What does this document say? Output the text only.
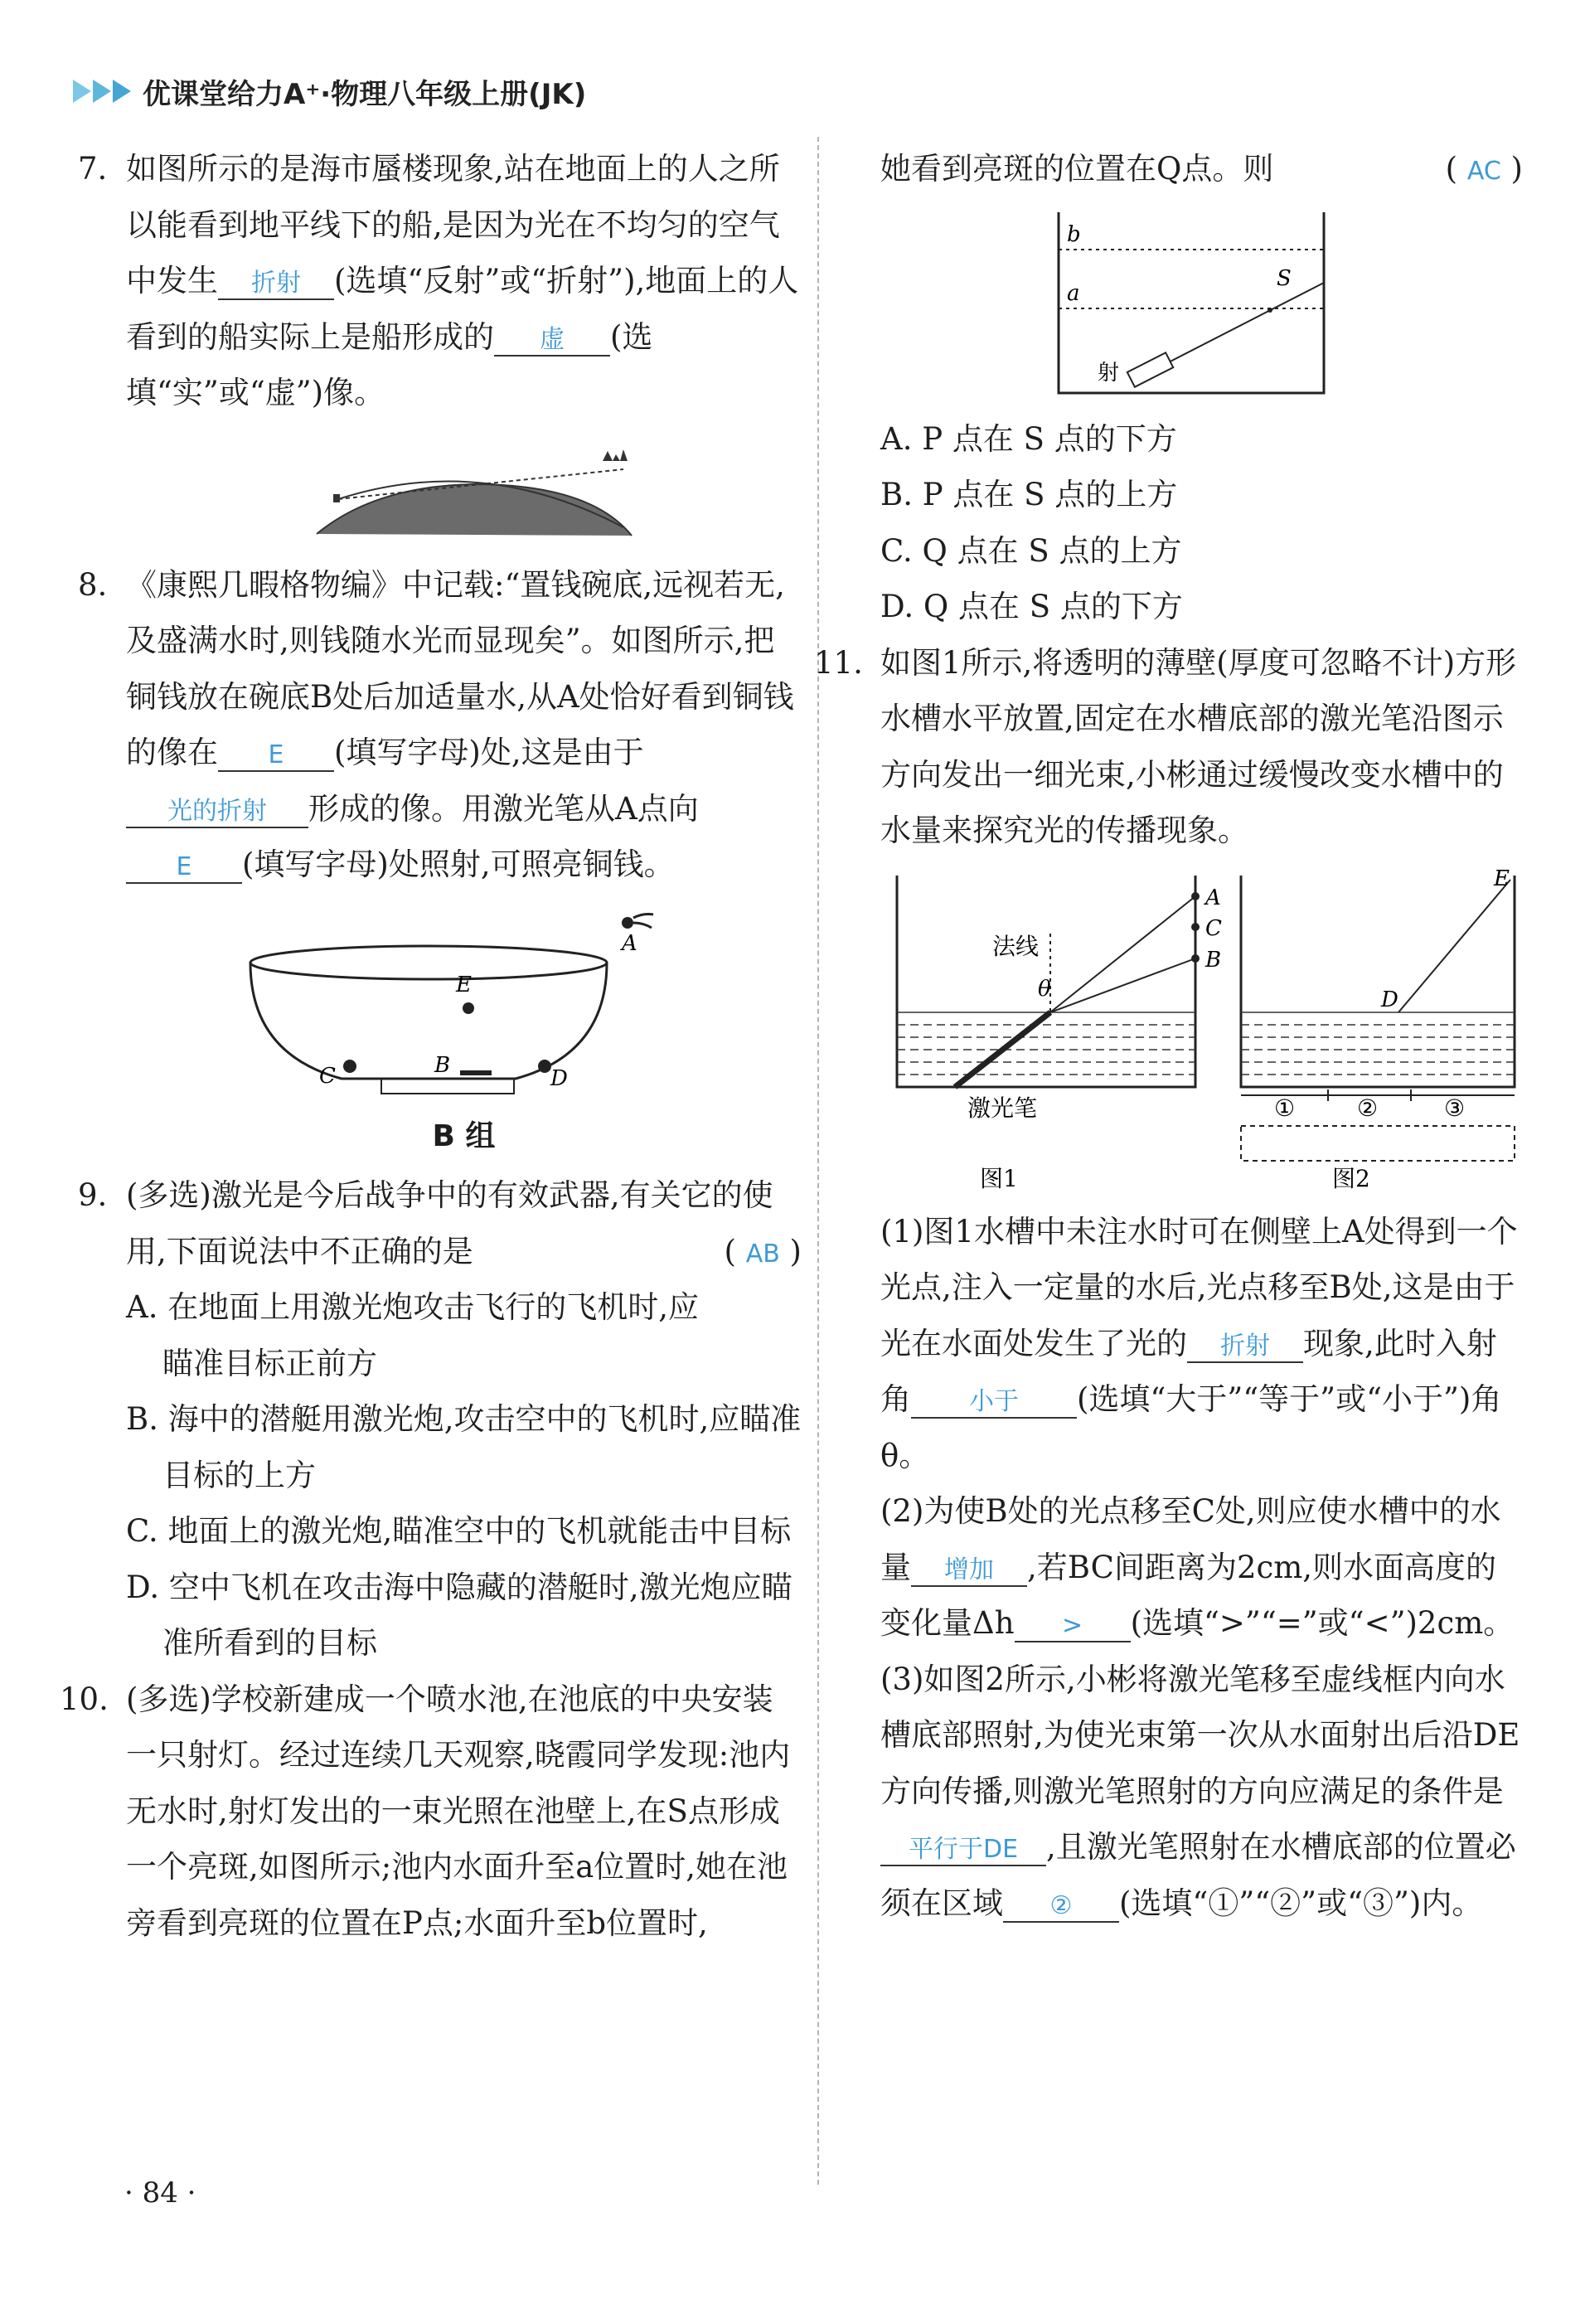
优课堂给力A⁺·物理八年级上册(JK)

7. 如图所示的是海市蜃楼现象,站在地面上的人之所以能看到地平线下的船,是因为光在不均匀的空气中发生 折射 (选填“反射”或“折射”),地面上的人看到的船实际上是船形成的 虚 (选填“实”或“虚”)像。

8. 《康熙几暇格物编》中记载:“置钱碗底,远视若无,及盛满水时,则钱随水光而显现矣”。如图所示,把铜钱放在碗底B处后加适量水,从A处恰好看到铜钱的像在 E (填写字母)处,这是由于光的折射 形成的像。用激光笔从A点向E (填写字母)处照射,可照亮铜钱。

C	B
D
E
A
B 组

9. (多选)激光是今后战争中的有效武器,有关它的使用,下面说法中不正确的是	( AB )

A. 在地面上用激光炮攻击飞行的飞机时,应瞄准目标正前方

B. 海中的潜艇用激光炮,攻击空中的飞机时,应瞄准目标的上方

C. 地面上的激光炮,瞄准空中的飞机就能击中目标

D. 空中飞机在攻击海中隐藏的潜艇时,激光炮应瞄准所看到的目标

10. (多选)学校新建成一个喷水池,在池底的中央安装一只射灯。经过连续几天观察,晓霞同学发现:池内无水时,射灯发出的一束光照在池壁上,在S点形成一个亮斑,如图所示;池内水面升至a位置时,她在池旁看到亮斑的位置在P点;水面升至b位置时,

她看到亮斑的位置在Q点。则	( AC )

b
a
S
射

A. P 点在 S 点的下方

B. P 点在 S 点的上方

C. Q 点在 S 点的上方

D. Q 点在 S 点的下方

11. 如图1所示,将透明的薄壁(厚度可忽略不计)方形水槽水平放置,固定在水槽底部的激光笔沿图示方向发出一细光束,小彬通过缓慢改变水槽中的水量来探究光的传播现象。

法线
θ
A
C
B
激光笔
图1
E
D
①	②	③
图2

(1)图1水槽中未注水时可在侧壁上A处得到一个光点,注入一定量的水后,光点移至B处,这是由于光在水面处发生了光的 折射 现象,此时入射角 小于 (选填“大于”“等于”或“小于”)角θ。

(2)为使B处的光点移至C处,则应使水槽中的水量 增加 ,若BC间距离为2cm,则水面高度的变化量Δh > (选填“>”“=”或“<”)2cm。

(3)如图2所示,小彬将激光笔移至虚线框内向水槽底部照射,为使光束第一次从水面射出后沿DE方向传播,则激光笔照射的方向应满足的条件是平行于DE ,且激光笔照射在水槽底部的位置必须在区域 ② (选填“①”“②”或“③”)内。

· 84 ·
